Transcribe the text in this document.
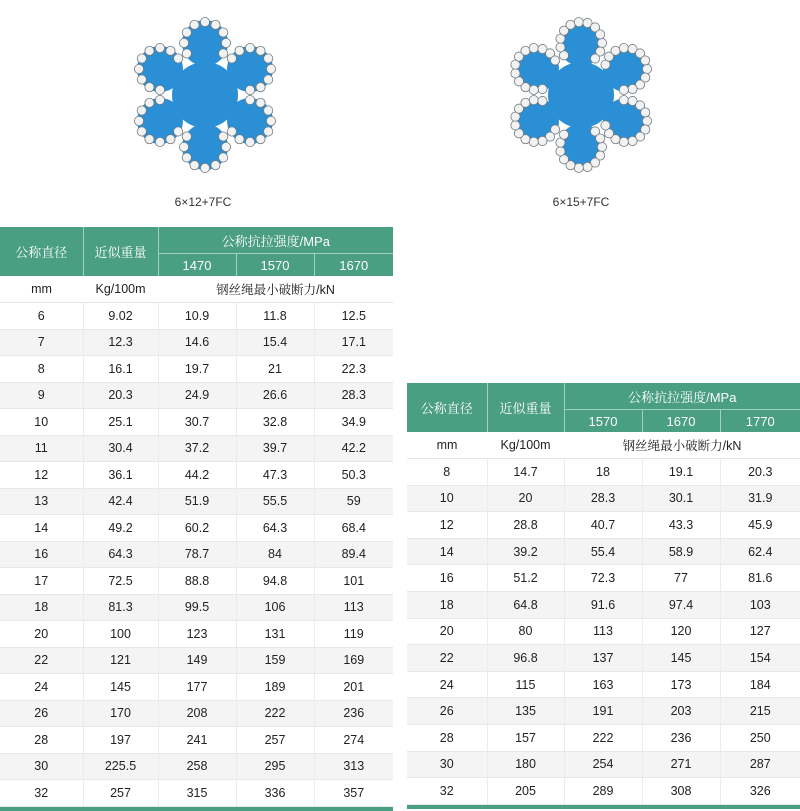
6×12+7FC	6×15+7FC
公称直径	近似重量	公称抗拉强度/MPa		
		1470	1570	1670
mm	Kg/100m	钢丝绳最小破断力/kN		
6	9.02	10.9	11.8	12.5
7	12.3	14.6	15.4	17.1
8	16.1	19.7	21	22.3
9	20.3	24.9	26.6	28.3
10	25.1	30.7	32.8	34.9
11	30.4	37.2	39.7	42.2
12	36.1	44.2	47.3	50.3
13	42.4	51.9	55.5	59
14	49.2	60.2	64.3	68.4
16	64.3	78.7	84	89.4
17	72.5	88.8	94.8	101
18	81.3	99.5	106	113
20	100	123	131	119
22	121	149	159	169
24	145	177	189	201
26	170	208	222	236
28	197	241	257	274
30	225.5	258	295	313
32	257	315	336	357

公称直径	近似重量	公称抗拉强度/MPa		
		1570	1670	1770
mm	Kg/100m	钢丝绳最小破断力/kN		
8	14.7	18	19.1	20.3
10	20	28.3	30.1	31.9
12	28.8	40.7	43.3	45.9
14	39.2	55.4	58.9	62.4
16	51.2	72.3	77	81.6
18	64.8	91.6	97.4	103
20	80	113	120	127
22	96.8	137	145	154
24	115	163	173	184
26	135	191	203	215
28	157	222	236	250
30	180	254	271	287
32	205	289	308	326
